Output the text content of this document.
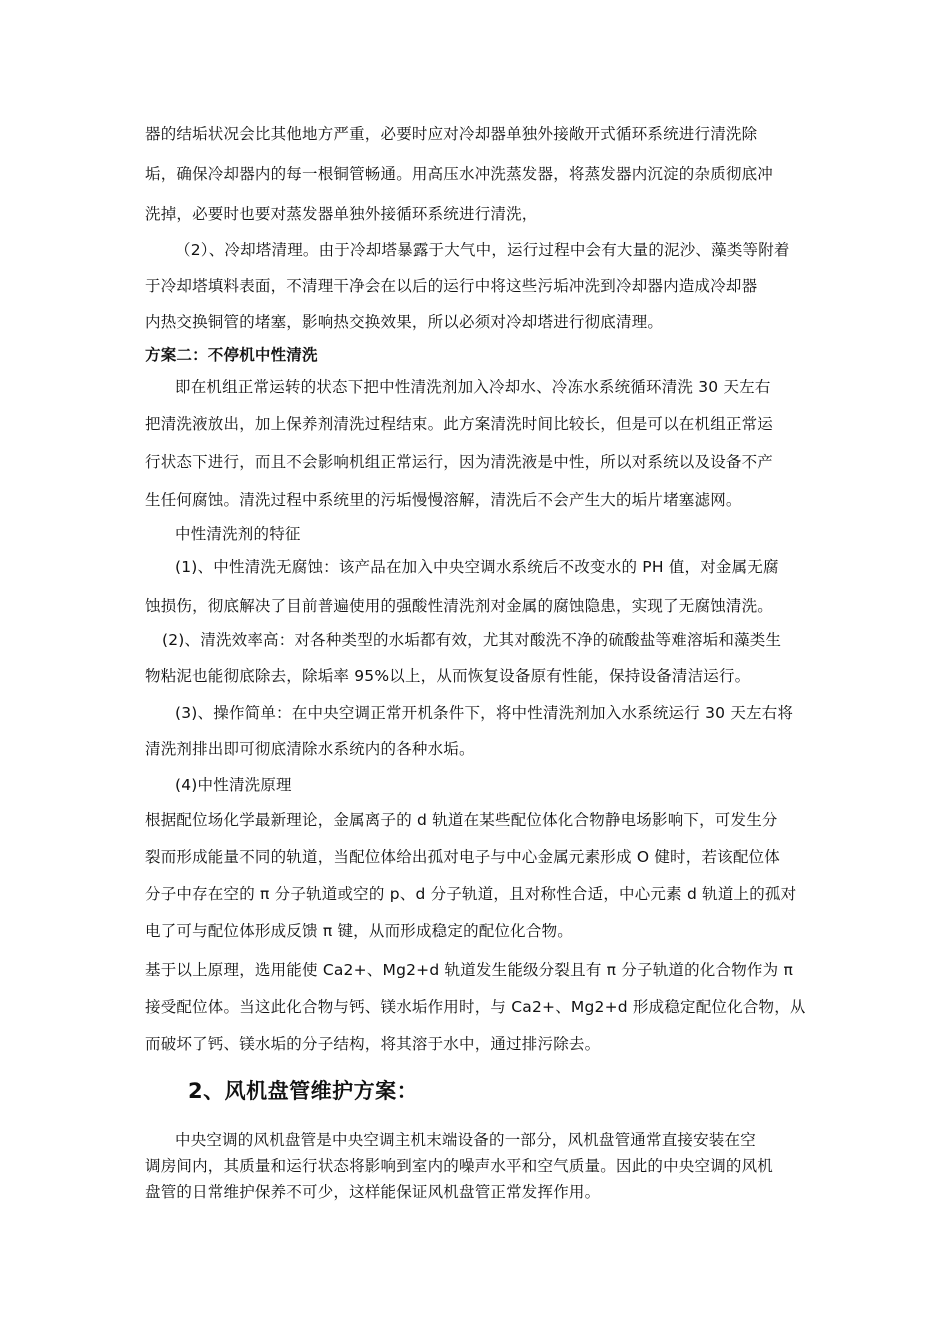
器的结垢状况会比其他地方严重，必要时应对冷却器单独外接敞开式循环系统进行清洗除
垢，确保冷却器内的每一根铜管畅通。用高压水冲洗蒸发器，将蒸发器内沉淀的杂质彻底冲
洗掉，必要时也要对蒸发器单独外接循环系统进行清洗，
（2）、冷却塔清理。由于冷却塔暴露于大气中，运行过程中会有大量的泥沙、藻类等附着
于冷却塔填料表面，不清理干净会在以后的运行中将这些污垢冲洗到冷却器内造成冷却器
内热交换铜管的堵塞，影响热交换效果，所以必须对冷却塔进行彻底清理。
方案二：不停机中性清洗
即在机组正常运转的状态下把中性清洗剂加入冷却水、冷冻水系统循环清洗 30 天左右
把清洗液放出，加上保养剂清洗过程结束。此方案清洗时间比较长，但是可以在机组正常运
行状态下进行，而且不会影响机组正常运行，因为清洗液是中性，所以对系统以及设备不产
生任何腐蚀。清洗过程中系统里的污垢慢慢溶解，清洗后不会产生大的垢片堵塞滤网。
中性清洗剂的特征
(1)、中性清洗无腐蚀：该产品在加入中央空调水系统后不改变水的 PH 值，对金属无腐
蚀损伤，彻底解决了目前普遍使用的强酸性清洗剂对金属的腐蚀隐患，实现了无腐蚀清洗。
(2)、清洗效率高：对各种类型的水垢都有效，尤其对酸洗不净的硫酸盐等难溶垢和藻类生
物粘泥也能彻底除去，除垢率 95%以上，从而恢复设备原有性能，保持设备清洁运行。
(3)、操作简单：在中央空调正常开机条件下，将中性清洗剂加入水系统运行 30 天左右将
清洗剂排出即可彻底清除水系统内的各种水垢。
(4)中性清洗原理
根据配位场化学最新理论，金属离子的 d 轨道在某些配位体化合物静电场影响下，可发生分
裂而形成能量不同的轨道，当配位体给出孤对电子与中心金属元素形成 O 健时，若该配位体
分子中存在空的 π 分子轨道或空的 p、d 分子轨道，且对称性合适，中心元素 d 轨道上的孤对
电了可与配位体形成反馈 π 键，从而形成稳定的配位化合物。
基于以上原理，选用能使 Ca2+、Mg2+d 轨道发生能级分裂且有 π 分子轨道的化合物作为 π
接受配位体。当这此化合物与钙、镁水垢作用时，与 Ca2+、Mg2+d 形成稳定配位化合物，从
而破坏了钙、镁水垢的分子结构，将其溶于水中，通过排污除去。
2、风机盘管维护方案：
中央空调的风机盘管是中央空调主机末端设备的一部分，风机盘管通常直接安装在空
调房间内，其质量和运行状态将影响到室内的噪声水平和空气质量。因此的中央空调的风机
盘管的日常维护保养不可少，这样能保证风机盘管正常发挥作用。
